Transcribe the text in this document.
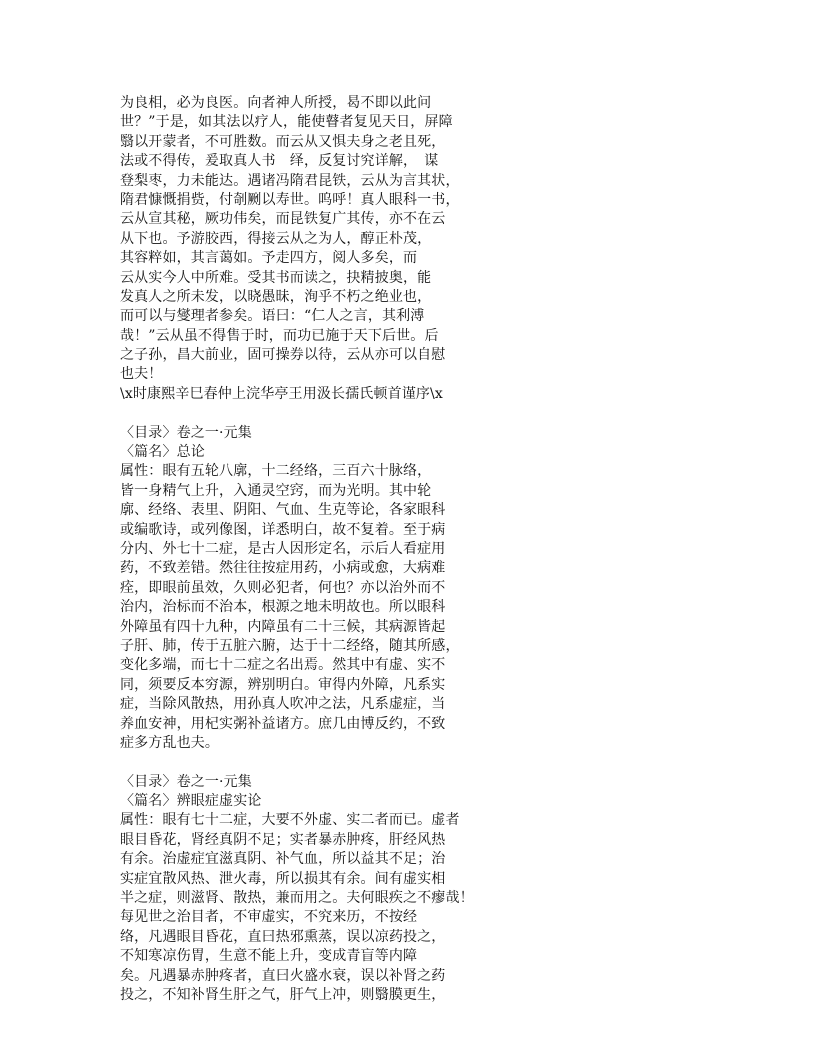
为良相，必为良医。向者神人所授，曷不即以此问
世？”于是，如其法以疗人，能使瞽者复见天日，屏障
翳以开蒙者，不可胜数。而云从又惧夫身之老且死，
法或不得传，爰取真人书　绎，反复讨究详解，　谋
登梨枣，力未能达。遇诸冯隋君昆铁，云从为言其状，
隋君慷慨捐赀，付剞劂以寿世。呜呼！真人眼科一书，
云从宣其秘，厥功伟矣，而昆铁复广其传，亦不在云
从下也。予游胶西，得接云从之为人，醇正朴茂，
其容粹如，其言蔼如。予走四方，阅人多矣，而
云从实今人中所难。受其书而读之，抉精披奥，能
发真人之所未发，以晓愚昧，洵乎不朽之绝业也，
而可以与燮理者参矣。语曰：“仁人之言，其利溥
哉！”云从虽不得售于时，而功已施于天下后世。后
之子孙，昌大前业，固可操券以待，云从亦可以自慰
也夫！
\x时康熙辛巳春仲上浣华亭王用汲长孺氏顿首谨序\x
〈目录〉卷之一·元集
〈篇名〉总论
属性：眼有五轮八廓，十二经络，三百六十脉络，
皆一身精气上升，入通灵空窍，而为光明。其中轮
廓、经络、表里、阴阳、气血、生克等论，各家眼科
或编歌诗，或列像图，详悉明白，故不复着。至于病
分内、外七十二症，是古人因形定名，示后人看症用
药，不致差错。然往往按症用药，小病或愈，大病难
痊，即眼前虽效，久则必犯者，何也？亦以治外而不
治内，治标而不治本，根源之地未明故也。所以眼科
外障虽有四十九种，内障虽有二十三候，其病源皆起
子肝、肺，传于五脏六腑，达于十二经络，随其所感，
变化多端，而七十二症之名出焉。然其中有虚、实不
同，须要反本穷源，辨别明白。审得内外障，凡系实
症，当除风散热，用孙真人吹冲之法，凡系虚症，当
养血安神，用杞实粥补益诸方。庶几由博反约，不致
症多方乱也夫。
〈目录〉卷之一·元集
〈篇名〉辨眼症虚实论
属性：眼有七十二症，大要不外虚、实二者而已。虚者
眼目昏花，肾经真阴不足；实者暴赤肿疼，肝经风热
有余。治虚症宜滋真阴、补气血，所以益其不足；治
实症宜散风热、泄火毒，所以损其有余。间有虚实相
半之症，则滋肾、散热，兼而用之。夫何眼疾之不瘳哉！
每见世之治目者，不审虚实，不究来历，不按经
络，凡遇眼目昏花，直曰热邪熏蒸，误以凉药投之，
不知寒凉伤胃，生意不能上升，变成青盲等内障
矣。凡遇暴赤肿疼者，直曰火盛水衰，误以补肾之药
投之，不知补肾生肝之气，肝气上冲，则翳膜更生，
